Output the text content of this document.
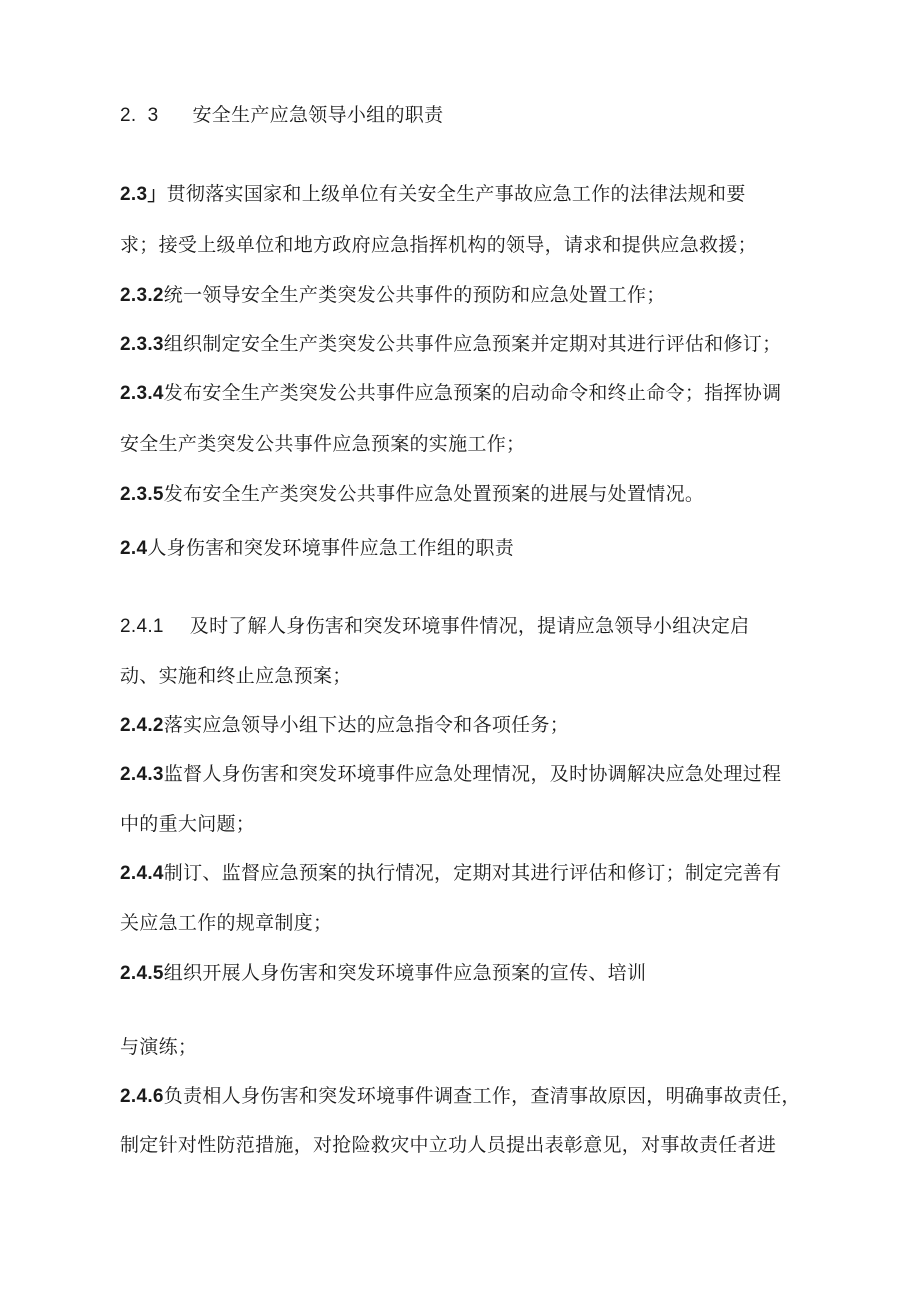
2.  3 安全生产应急领导小组的职责
2.3」贯彻落实国家和上级单位有关安全生产事故应急工作的法律法规和要
求；接受上级单位和地方政府应急指挥机构的领导，请求和提供应急救援；
2.3.2统一领导安全生产类突发公共事件的预防和应急处置工作；
2.3.3组织制定安全生产类突发公共事件应急预案并定期对其进行评估和修订；
2.3.4发布安全生产类突发公共事件应急预案的启动命令和终止命令；指挥协调
安全生产类突发公共事件应急预案的实施工作；
2.3.5发布安全生产类突发公共事件应急处置预案的进展与处置情况。
2.4人身伤害和突发环境事件应急工作组的职责
2.4.1 及时了解人身伤害和突发环境事件情况，提请应急领导小组决定启
动、实施和终止应急预案；
2.4.2落实应急领导小组下达的应急指令和各项任务；
2.4.3监督人身伤害和突发环境事件应急处理情况，及时协调解决应急处理过程
中的重大问题；
2.4.4制订、监督应急预案的执行情况，定期对其进行评估和修订；制定完善有
关应急工作的规章制度；
2.4.5组织开展人身伤害和突发环境事件应急预案的宣传、培训
与演练；
2.4.6负责相人身伤害和突发环境事件调查工作，查清事故原因，明确事故责任，
制定针对性防范措施，对抢险救灾中立功人员提出表彰意见，对事故责任者进
